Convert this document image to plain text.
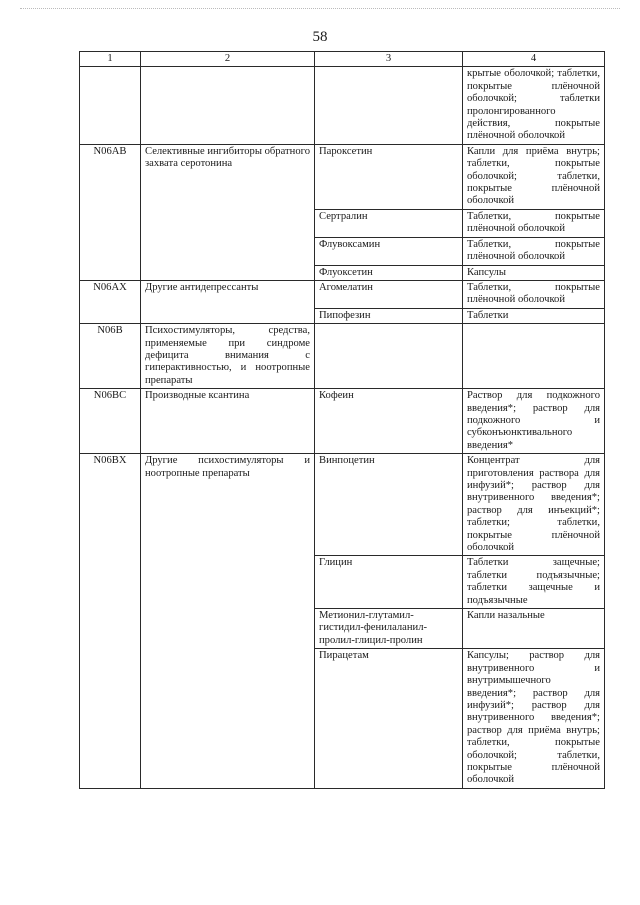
58
1	2	3	4
			крытые оболочкой; таблетки, покрытые плёночной оболочкой; таблетки пролонгированного действия, покрытые плёночной оболочкой
N06AB	Селективные ингибиторы обратного захвата серотонина	Пароксетин	Капли для приёма внутрь; таблетки, покрытые оболочкой; таблетки, покрытые плёночной оболочкой
		Сертралин	Таблетки, покрытые плёночной оболочкой
		Флувоксамин	Таблетки, покрытые плёночной оболочкой
		Флуоксетин	Капсулы
N06AX	Другие антидепрессанты	Агомелатин	Таблетки, покрытые плёночной оболочкой
		Пипофезин	Таблетки
N06B	Психостимуляторы, средства, применяемые при синдроме дефицита внимания с гиперактивностью, и ноотропные препараты		
N06BC	Производные ксантина	Кофеин	Раствор для подкожного введения*; раствор для подкожного и субконъюнктивального введения*
N06BX	Другие психостимуляторы и ноотропные препараты	Винпоцетин	Концентрат для приготовления раствора для инфузий*; раствор для внутривенного введения*; раствор для инъекций*; таблетки; таблетки, покрытые плёночной оболочкой
		Глицин	Таблетки защечные; таблетки подъязычные; таблетки защечные и подъязычные
		Метионил-глутамил-гистидил-фенилаланил-пролил-глицил-пролин	Капли назальные
		Пирацетам	Капсулы; раствор для внутривенного и внутримышечного введения*; раствор для инфузий*; раствор для внутривенного введения*; раствор для приёма внутрь; таблетки, покрытые оболочкой; таблетки, покрытые плёночной оболочкой
